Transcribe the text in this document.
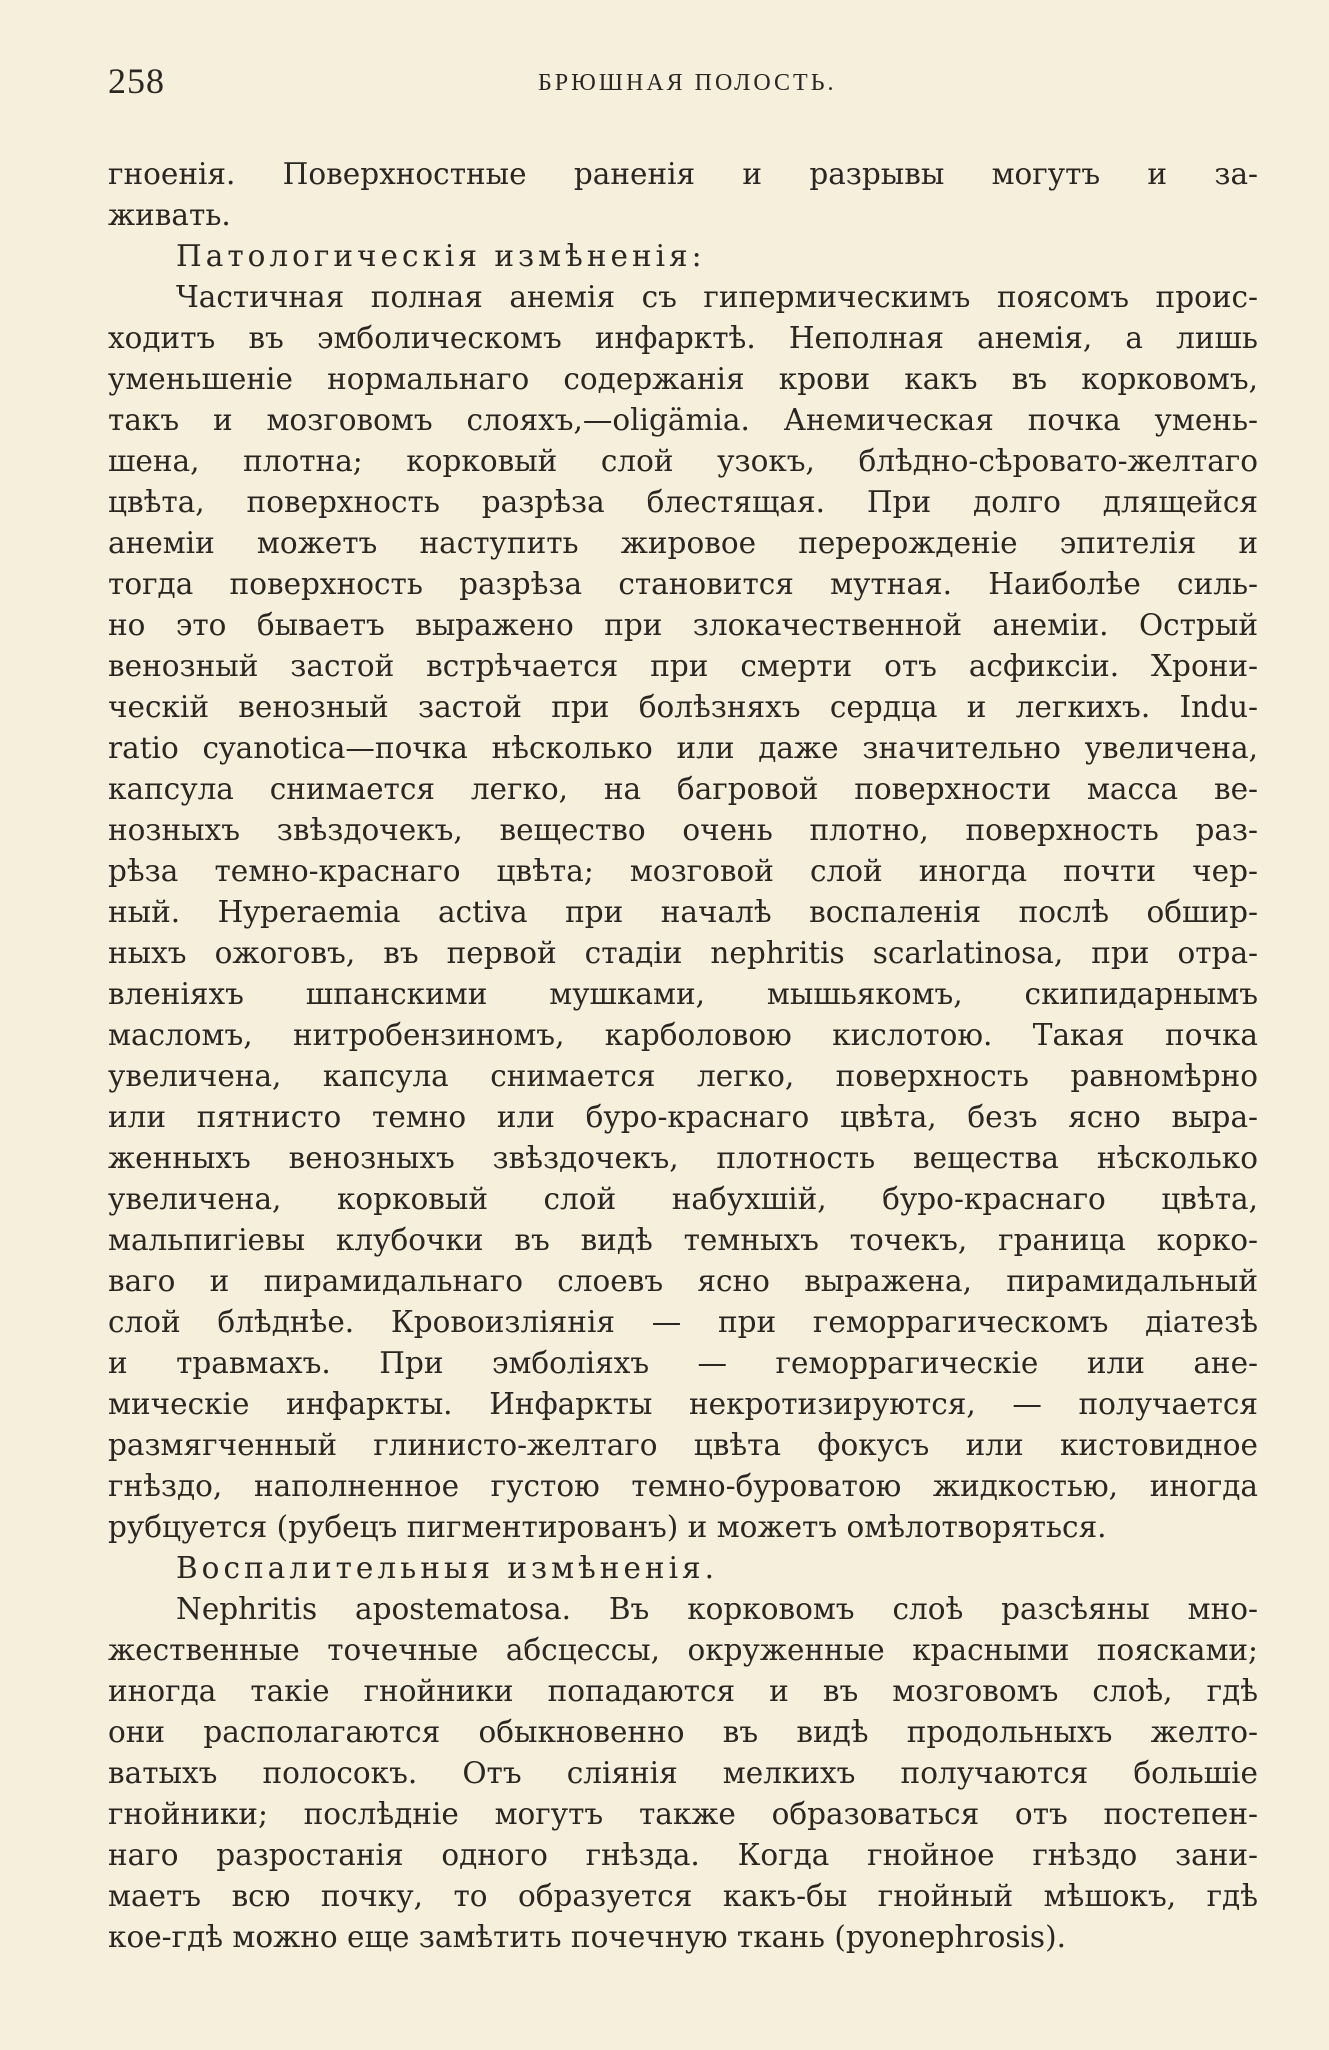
258	БРЮШНАЯ ПОЛОСТЬ.

гноенія. Поверхностные раненія и разрывы могутъ и за-

живать.

Патологическія измѣненія:

Частичная полная анемія съ гипермическимъ поясомъ проис-

ходитъ въ эмболическомъ инфарктѣ. Неполная анемія, а лишь

уменьшеніе нормальнаго содержанія крови какъ въ корковомъ,

такъ и мозговомъ слояхъ,—oligämia. Анемическая почка умень-

шена, плотна; корковый слой узокъ, блѣдно-сѣровато-желтаго

цвѣта, поверхность разрѣза блестящая. При долго длящейся

анеміи можетъ наступить жировое перерожденіе эпителія и

тогда поверхность разрѣза становится мутная. Наиболѣе силь-

но это бываетъ выражено при злокачественной анеміи. Острый

венозный застой встрѣчается при смерти отъ асфиксіи. Хрони-

ческій венозный застой при болѣзняхъ сердца и легкихъ. Indu-

ratio cyanotica—почка нѣсколько или даже значительно увеличена,

капсула снимается легко, на багровой поверхности масса ве-

нозныхъ звѣздочекъ, вещество очень плотно, поверхность раз-

рѣза темно-краснаго цвѣта; мозговой слой иногда почти чер-

ный. Hyperaemia activa при началѣ воспаленія послѣ обшир-

ныхъ ожоговъ, въ первой стадіи nephritis scarlatinosa, при отра-

вленіяхъ шпанскими мушками, мышьякомъ, скипидарнымъ

масломъ, нитробензиномъ, карболовою кислотою. Такая почка

увеличена, капсула снимается легко, поверхность равномѣрно

или пятнисто темно или буро-краснаго цвѣта, безъ ясно выра-

женныхъ венозныхъ звѣздочекъ, плотность вещества нѣсколько

увеличена, корковый слой набухшій, буро-краснаго цвѣта,

мальпигіевы клубочки въ видѣ темныхъ точекъ, граница корко-

ваго и пирамидальнаго слоевъ ясно выражена, пирамидальный

слой блѣднѣе. Кровоизліянія — при геморрагическомъ діатезѣ

и травмахъ. При эмболіяхъ — геморрагическіе или ане-

мическіе инфаркты. Инфаркты некротизируются, — получается

размягченный глинисто-желтаго цвѣта фокусъ или кистовидное

гнѣздо, наполненное густою темно-буроватою жидкостью, иногда

рубцуется (рубецъ пигментированъ) и можетъ омѣлотворяться.

Воспалительныя измѣненія.

Nephritis apostematosa. Въ корковомъ слоѣ разсѣяны мно-

жественные точечные абсцессы, окруженные красными поясками;

иногда такіе гнойники попадаются и въ мозговомъ слоѣ, гдѣ

они располагаются обыкновенно въ видѣ продольныхъ желто-

ватыхъ полосокъ. Отъ сліянія мелкихъ получаются большіе

гнойники; послѣдніе могутъ также образоваться отъ постепен-

наго разростанія одного гнѣзда. Когда гнойное гнѣздо зани-

маетъ всю почку, то образуется какъ-бы гнойный мѣшокъ, гдѣ

кое-гдѣ можно еще замѣтить почечную ткань (pyonephrosis).
